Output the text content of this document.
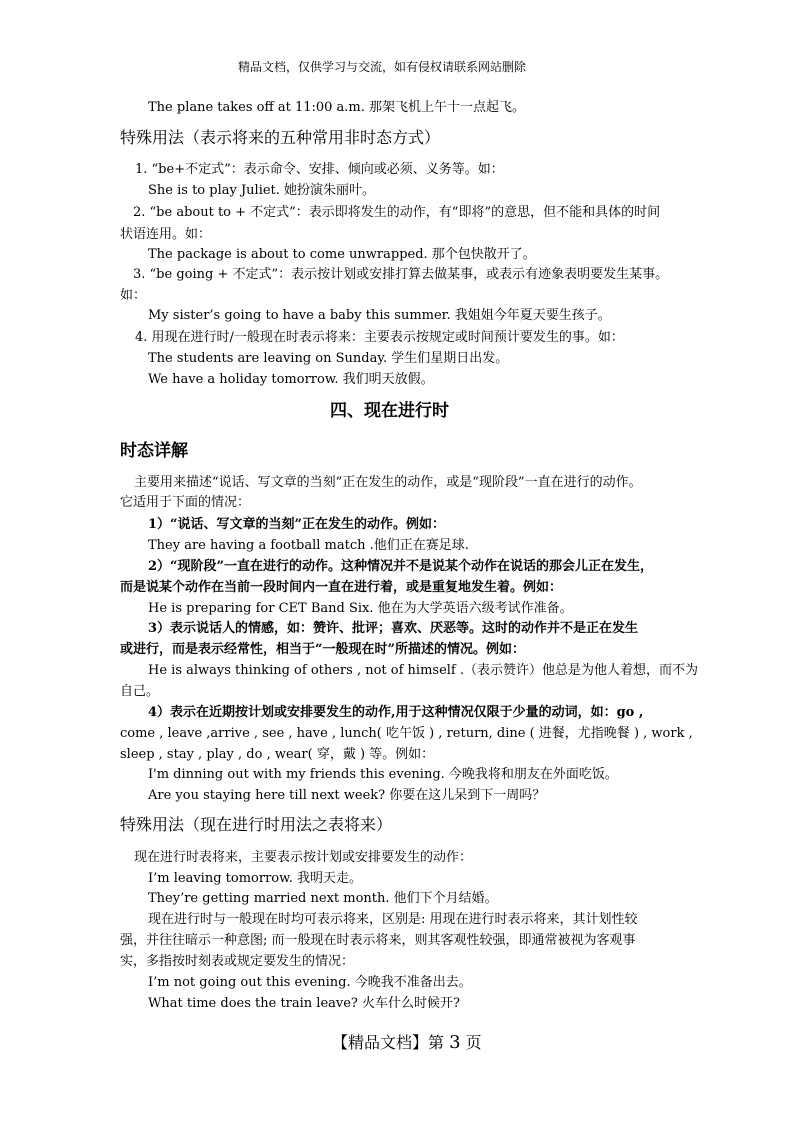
精品文档，仅供学习与交流，如有侵权请联系网站删除
The plane takes off at 11:00 a.m. 那架飞机上午十一点起飞。
特殊用法（表示将来的五种常用非时态方式）
1. “be+不定式”：表示命令、安排、倾向或必须、义务等。如：
She is to play Juliet. 她扮演朱丽叶。
2. “be about to + 不定式”：表示即将发生的动作，有“即将”的意思，但不能和具体的时间
状语连用。如：
The package is about to come unwrapped. 那个包快散开了。
3. “be going + 不定式”：表示按计划或安排打算去做某事，或表示有迹象表明要发生某事。
如：
My sister’s going to have a baby this summer. 我姐姐今年夏天要生孩子。
4. 用现在进行时/一般现在时表示将来：主要表示按规定或时间预计要发生的事。如：
The students are leaving on Sunday. 学生们星期日出发。
We have a holiday tomorrow. 我们明天放假。
四、现在进行时
时态详解
主要用来描述“说话、写文章的当刻”正在发生的动作，或是“现阶段”一直在进行的动作。
它适用于下面的情况：
1）“说话、写文章的当刻”正在发生的动作。例如：
They are having a football match .他们正在赛足球.
2）“现阶段”一直在进行的动作。这种情况并不是说某个动作在说话的那会儿正在发生，
而是说某个动作在当前一段时间内一直在进行着，或是重复地发生着。例如：
He is preparing for CET Band Six. 他在为大学英语六级考试作准备。
3）表示说话人的情感，如：赞许、批评；喜欢、厌恶等。这时的动作并不是正在发生
或进行，而是表示经常性，相当于“一般现在时”所描述的情况。例如：
He is always thinking of others , not of himself .（表示赞许）他总是为他人着想，而不为
自己。
4）表示在近期按计划或安排要发生的动作,用于这种情况仅限于少量的动词，如：go ,
come , leave ,arrive , see , have , lunch( 吃午饭 ) , return, dine ( 进餐，尤指晚餐 ) , work ,
sleep , stay , play , do , wear( 穿，戴 ) 等。例如：
I'm dinning out with my friends this evening. 今晚我将和朋友在外面吃饭。
Are you staying here till next week? 你要在这儿呆到下一周吗？
特殊用法（现在进行时用法之表将来）
现在进行时表将来，主要表示按计划或安排要发生的动作：
I’m leaving tomorrow. 我明天走。
They’re getting married next month. 他们下个月结婚。
现在进行时与一般现在时均可表示将来，区别是: 用现在进行时表示将来，其计划性较
强，并往往暗示一种意图; 而一般现在时表示将来，则其客观性较强，即通常被视为客观事
实，多指按时刻表或规定要发生的情况：
I’m not going out this evening. 今晚我不准备出去。
What time does the train leave? 火车什么时候开?
【精品文档】第 3 页
